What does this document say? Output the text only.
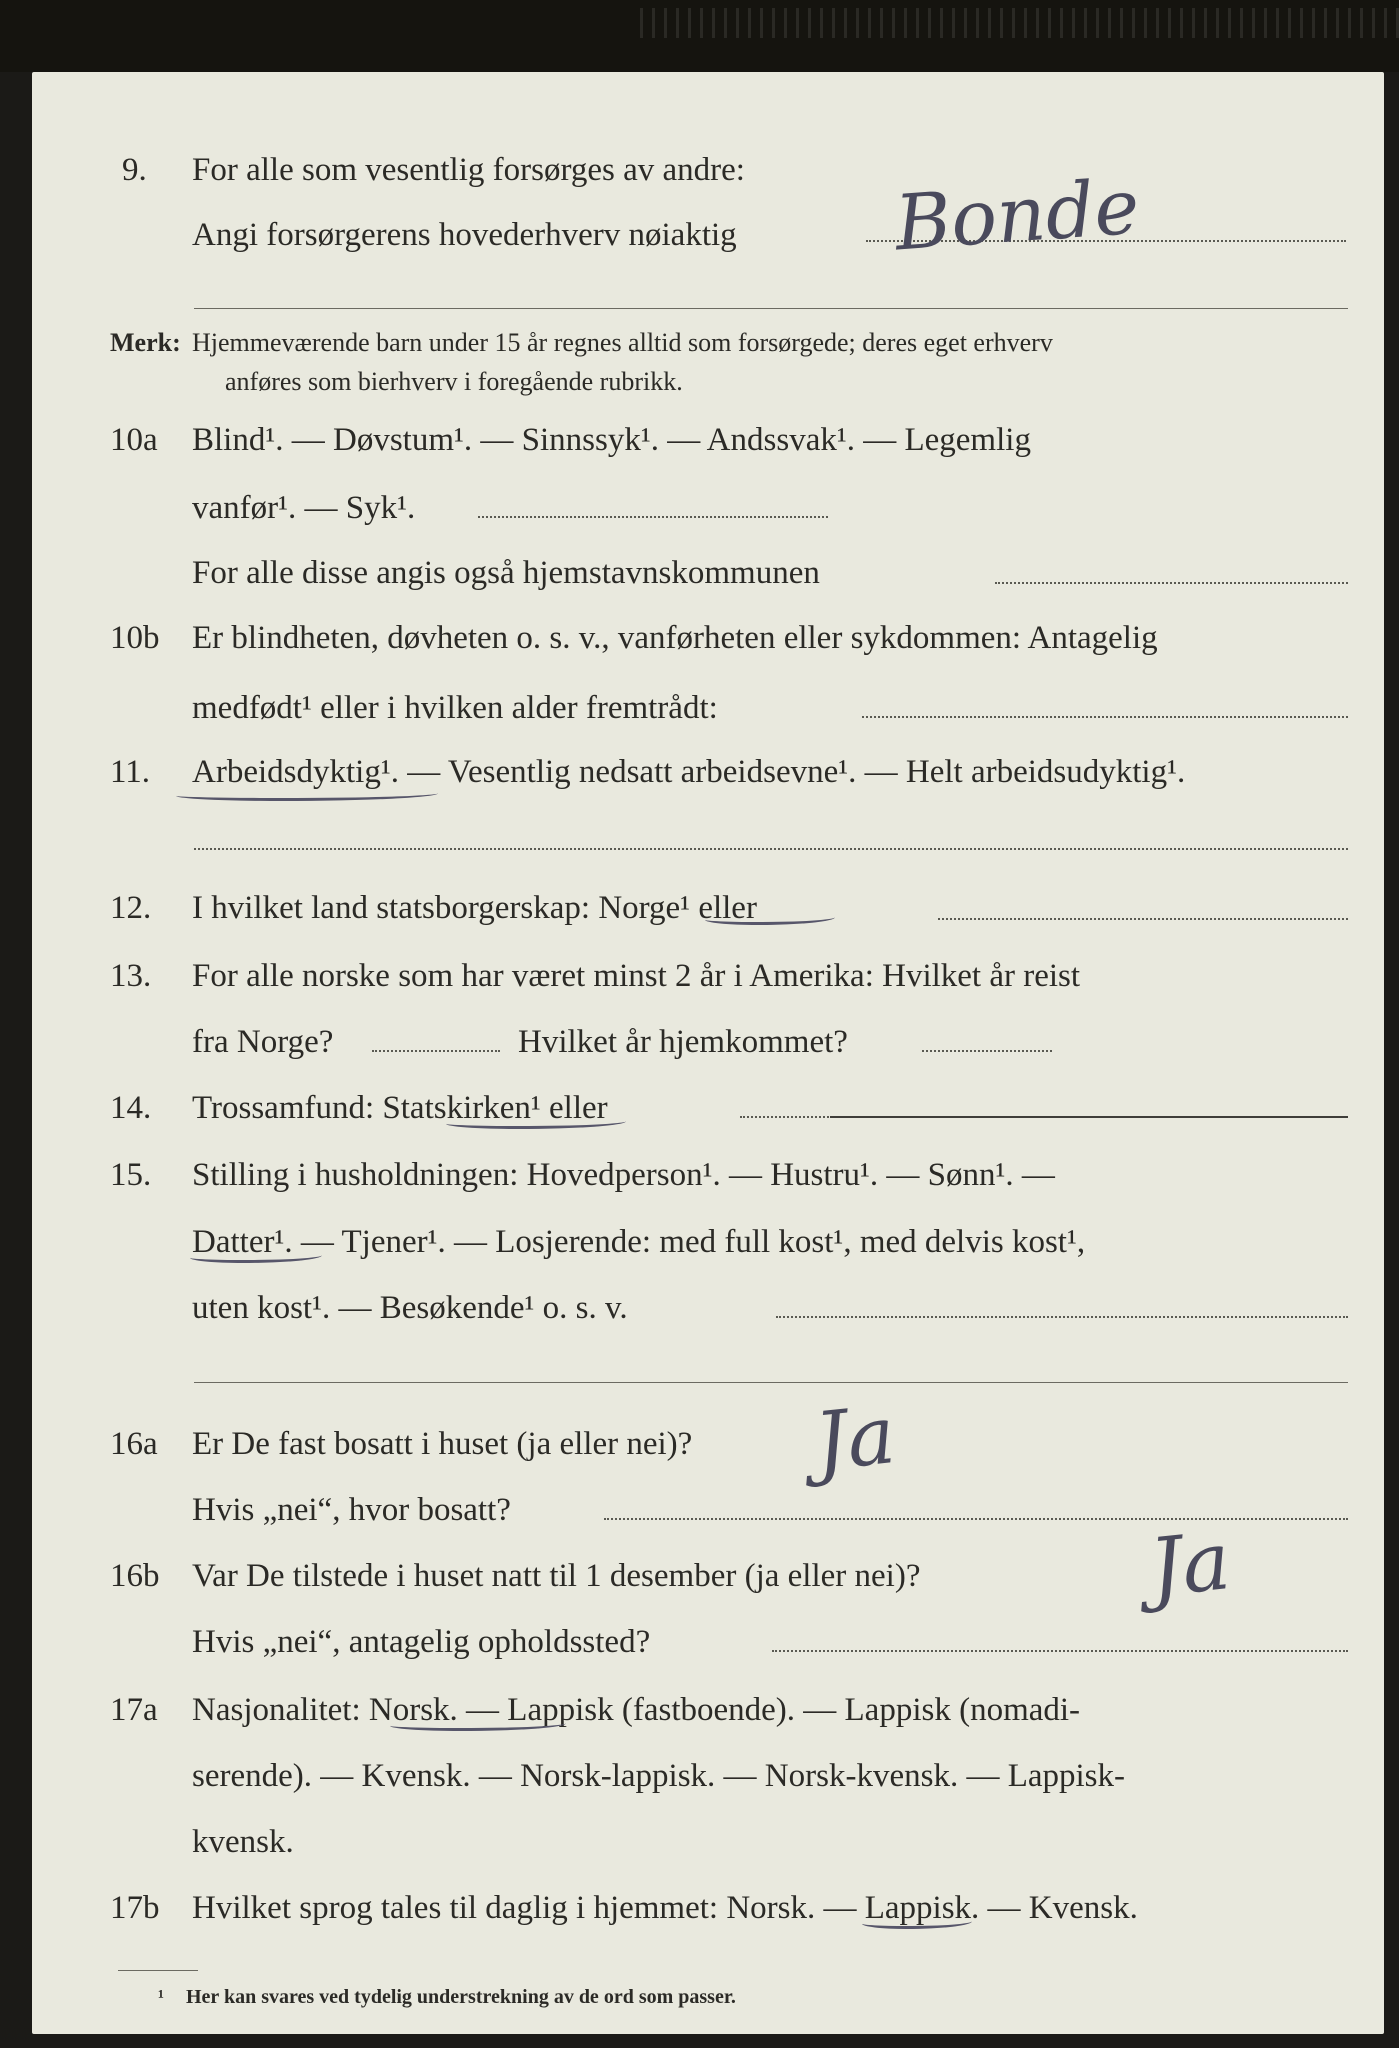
9. For alle som vesentlig forsørges av andre:
Angi forsørgerens hovederhverv nøiaktig Bonde
Merk: Hjemmeværende barn under 15 år regnes alltid som forsørgede; deres eget erhverv
anføres som bierhverv i foregående rubrikk.
10a Blind¹. — Døvstum¹. — Sinnssyk¹. — Andssvak¹. — Legemlig
vanfør¹. — Syk¹.
For alle disse angis også hjemstavnskommunen
10b Er blindheten, døvheten o. s. v., vanførheten eller sykdommen: Antagelig
medfødt¹ eller i hvilken alder fremtrådt:
11. Arbeidsdyktig¹. — Vesentlig nedsatt arbeidsevne¹. — Helt arbeidsudyktig¹.
12. I hvilket land statsborgerskap: Norge¹ eller
13. For alle norske som har været minst 2 år i Amerika: Hvilket år reist
fra Norge?	Hvilket år hjemkommet?
14. Trossamfund: Statskirken¹ eller
15. Stilling i husholdningen: Hovedperson¹. — Hustru¹. — Sønn¹. —
Datter¹. — Tjener¹. — Losjerende: med full kost¹, med delvis kost¹,
uten kost¹. — Besøkende¹ o. s. v.
16a Er De fast bosatt i huset (ja eller nei)? Ja
Hvis „nei“, hvor bosatt?
16b Var De tilstede i huset natt til 1 desember (ja eller nei)?	Ja
Hvis „nei“, antagelig opholdssted?
17a Nasjonalitet: Norsk. — Lappisk (fastboende). — Lappisk (nomadi-
serende). — Kvensk. — Norsk-lappisk. — Norsk-kvensk. — Lappisk-
kvensk.
17b Hvilket sprog tales til daglig i hjemmet: Norsk. — Lappisk. — Kvensk.
¹ Her kan svares ved tydelig understrekning av de ord som passer.
